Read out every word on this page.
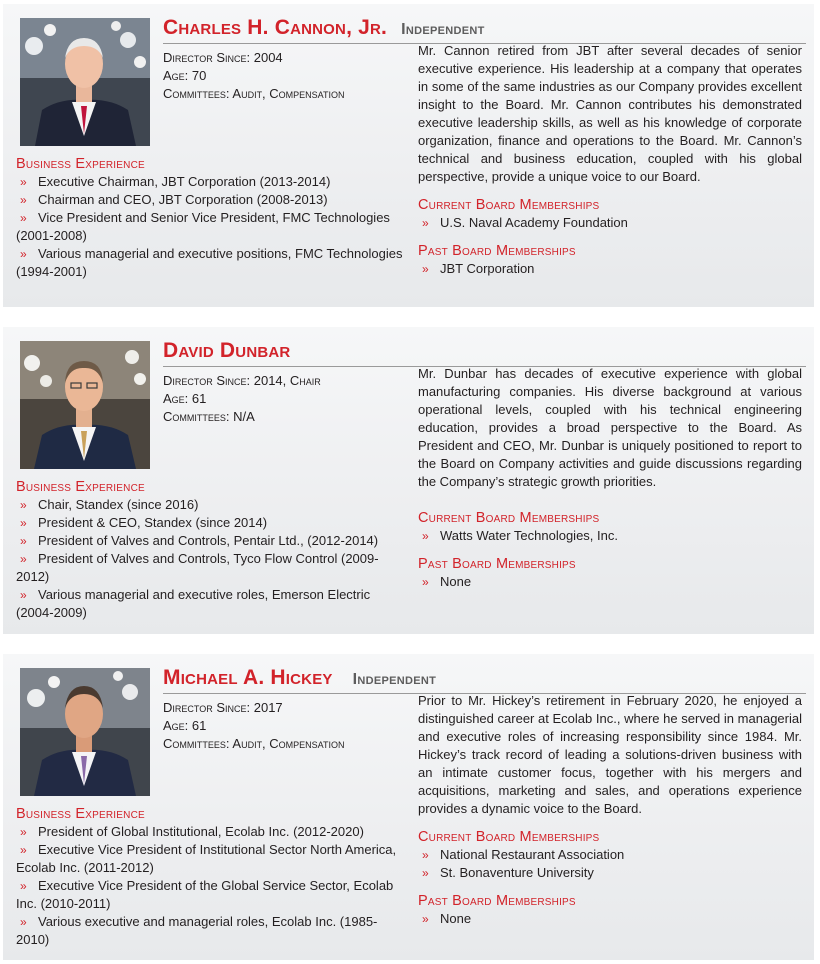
Charles H. Cannon, Jr. Independent
Director Since: 2004
Age: 70
Committees: Audit, Compensation
Business Experience
» Executive Chairman, JBT Corporation (2013-2014)
» Chairman and CEO, JBT Corporation (2008-2013)
» Vice President and Senior Vice President, FMC Technologies (2001-2008)
» Various managerial and executive positions, FMC Technologies (1994-2001)

Mr. Cannon retired from JBT after several decades of senior executive experience. His leadership at a company that operates in some of the same industries as our Company provides excellent insight to the Board. Mr. Cannon contributes his demonstrated executive leadership skills, as well as his knowledge of corporate organization, finance and operations to the Board. Mr. Cannon’s technical and business education, coupled with his global perspective, provide a unique voice to our Board.

Current Board Memberships
» U.S. Naval Academy Foundation
Past Board Memberships
» JBT Corporation
David Dunbar
Director Since: 2014, Chair
Age: 61
Committees: N/A
Business Experience
» Chair, Standex (since 2016)
» President & CEO, Standex (since 2014)
» President of Valves and Controls, Pentair Ltd., (2012-2014)
» President of Valves and Controls, Tyco Flow Control (2009-2012)
» Various managerial and executive roles, Emerson Electric (2004-2009)

Mr. Dunbar has decades of executive experience with global manufacturing companies. His diverse background at various operational levels, coupled with his technical engineering education, provides a broad perspective to the Board. As President and CEO, Mr. Dunbar is uniquely positioned to report to the Board on Company activities and guide discussions regarding the Company’s strategic growth priorities.

Current Board Memberships
» Watts Water Technologies, Inc.
Past Board Memberships
» None
Michael A. Hickey Independent
Director Since: 2017
Age: 61
Committees: Audit, Compensation
Business Experience
» President of Global Institutional, Ecolab Inc. (2012-2020)
» Executive Vice President of Institutional Sector North America, Ecolab Inc. (2011-2012)
» Executive Vice President of the Global Service Sector, Ecolab Inc. (2010-2011)
» Various executive and managerial roles, Ecolab Inc. (1985-2010)

Prior to Mr. Hickey’s retirement in February 2020, he enjoyed a distinguished career at Ecolab Inc., where he served in managerial and executive roles of increasing responsibility since 1984. Mr. Hickey’s track record of leading a solutions-driven business with an intimate customer focus, together with his mergers and acquisitions, marketing and sales, and operations experience provides a dynamic voice to the Board.

Current Board Memberships
» National Restaurant Association
» St. Bonaventure University
Past Board Memberships
» None
